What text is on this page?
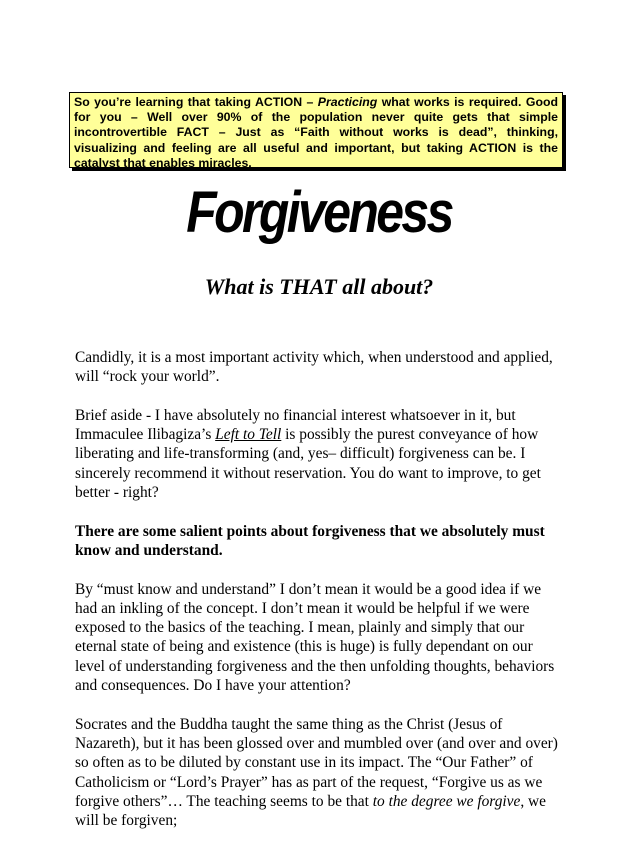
So you’re learning that taking ACTION – Practicing what works is required. Good for you – Well over 90% of the population never quite gets that simple incontrovertible FACT – Just as “Faith without works is dead”, thinking, visualizing and feeling are all useful and important, but taking ACTION is the catalyst that enables miracles.
Forgiveness
What is THAT all about?

Candidly, it is a most important activity which, when understood and applied, will “rock your world”.

Brief aside - I have absolutely no financial interest whatsoever in it, but Immaculee Ilibagiza’s Left to Tell is possibly the purest conveyance of how liberating and life-transforming (and, yes– difficult) forgiveness can be. I sincerely recommend it without reservation. You do want to improve, to get better - right?

There are some salient points about forgiveness that we absolutely must know and understand.

By “must know and understand” I don’t mean it would be a good idea if we had an inkling of the concept. I don’t mean it would be helpful if we were exposed to the basics of the teaching. I mean, plainly and simply that our eternal state of being and existence (this is huge) is fully dependant on our level of understanding forgiveness and the then unfolding thoughts, behaviors and consequences. Do I have your attention?

Socrates and the Buddha taught the same thing as the Christ (Jesus of Nazareth), but it has been glossed over and mumbled over (and over and over) so often as to be diluted by constant use in its impact. The “Our Father” of Catholicism or “Lord’s Prayer” has as part of the request, “Forgive us as we forgive others”… The teaching seems to be that to the degree we forgive, we will be forgiven;
